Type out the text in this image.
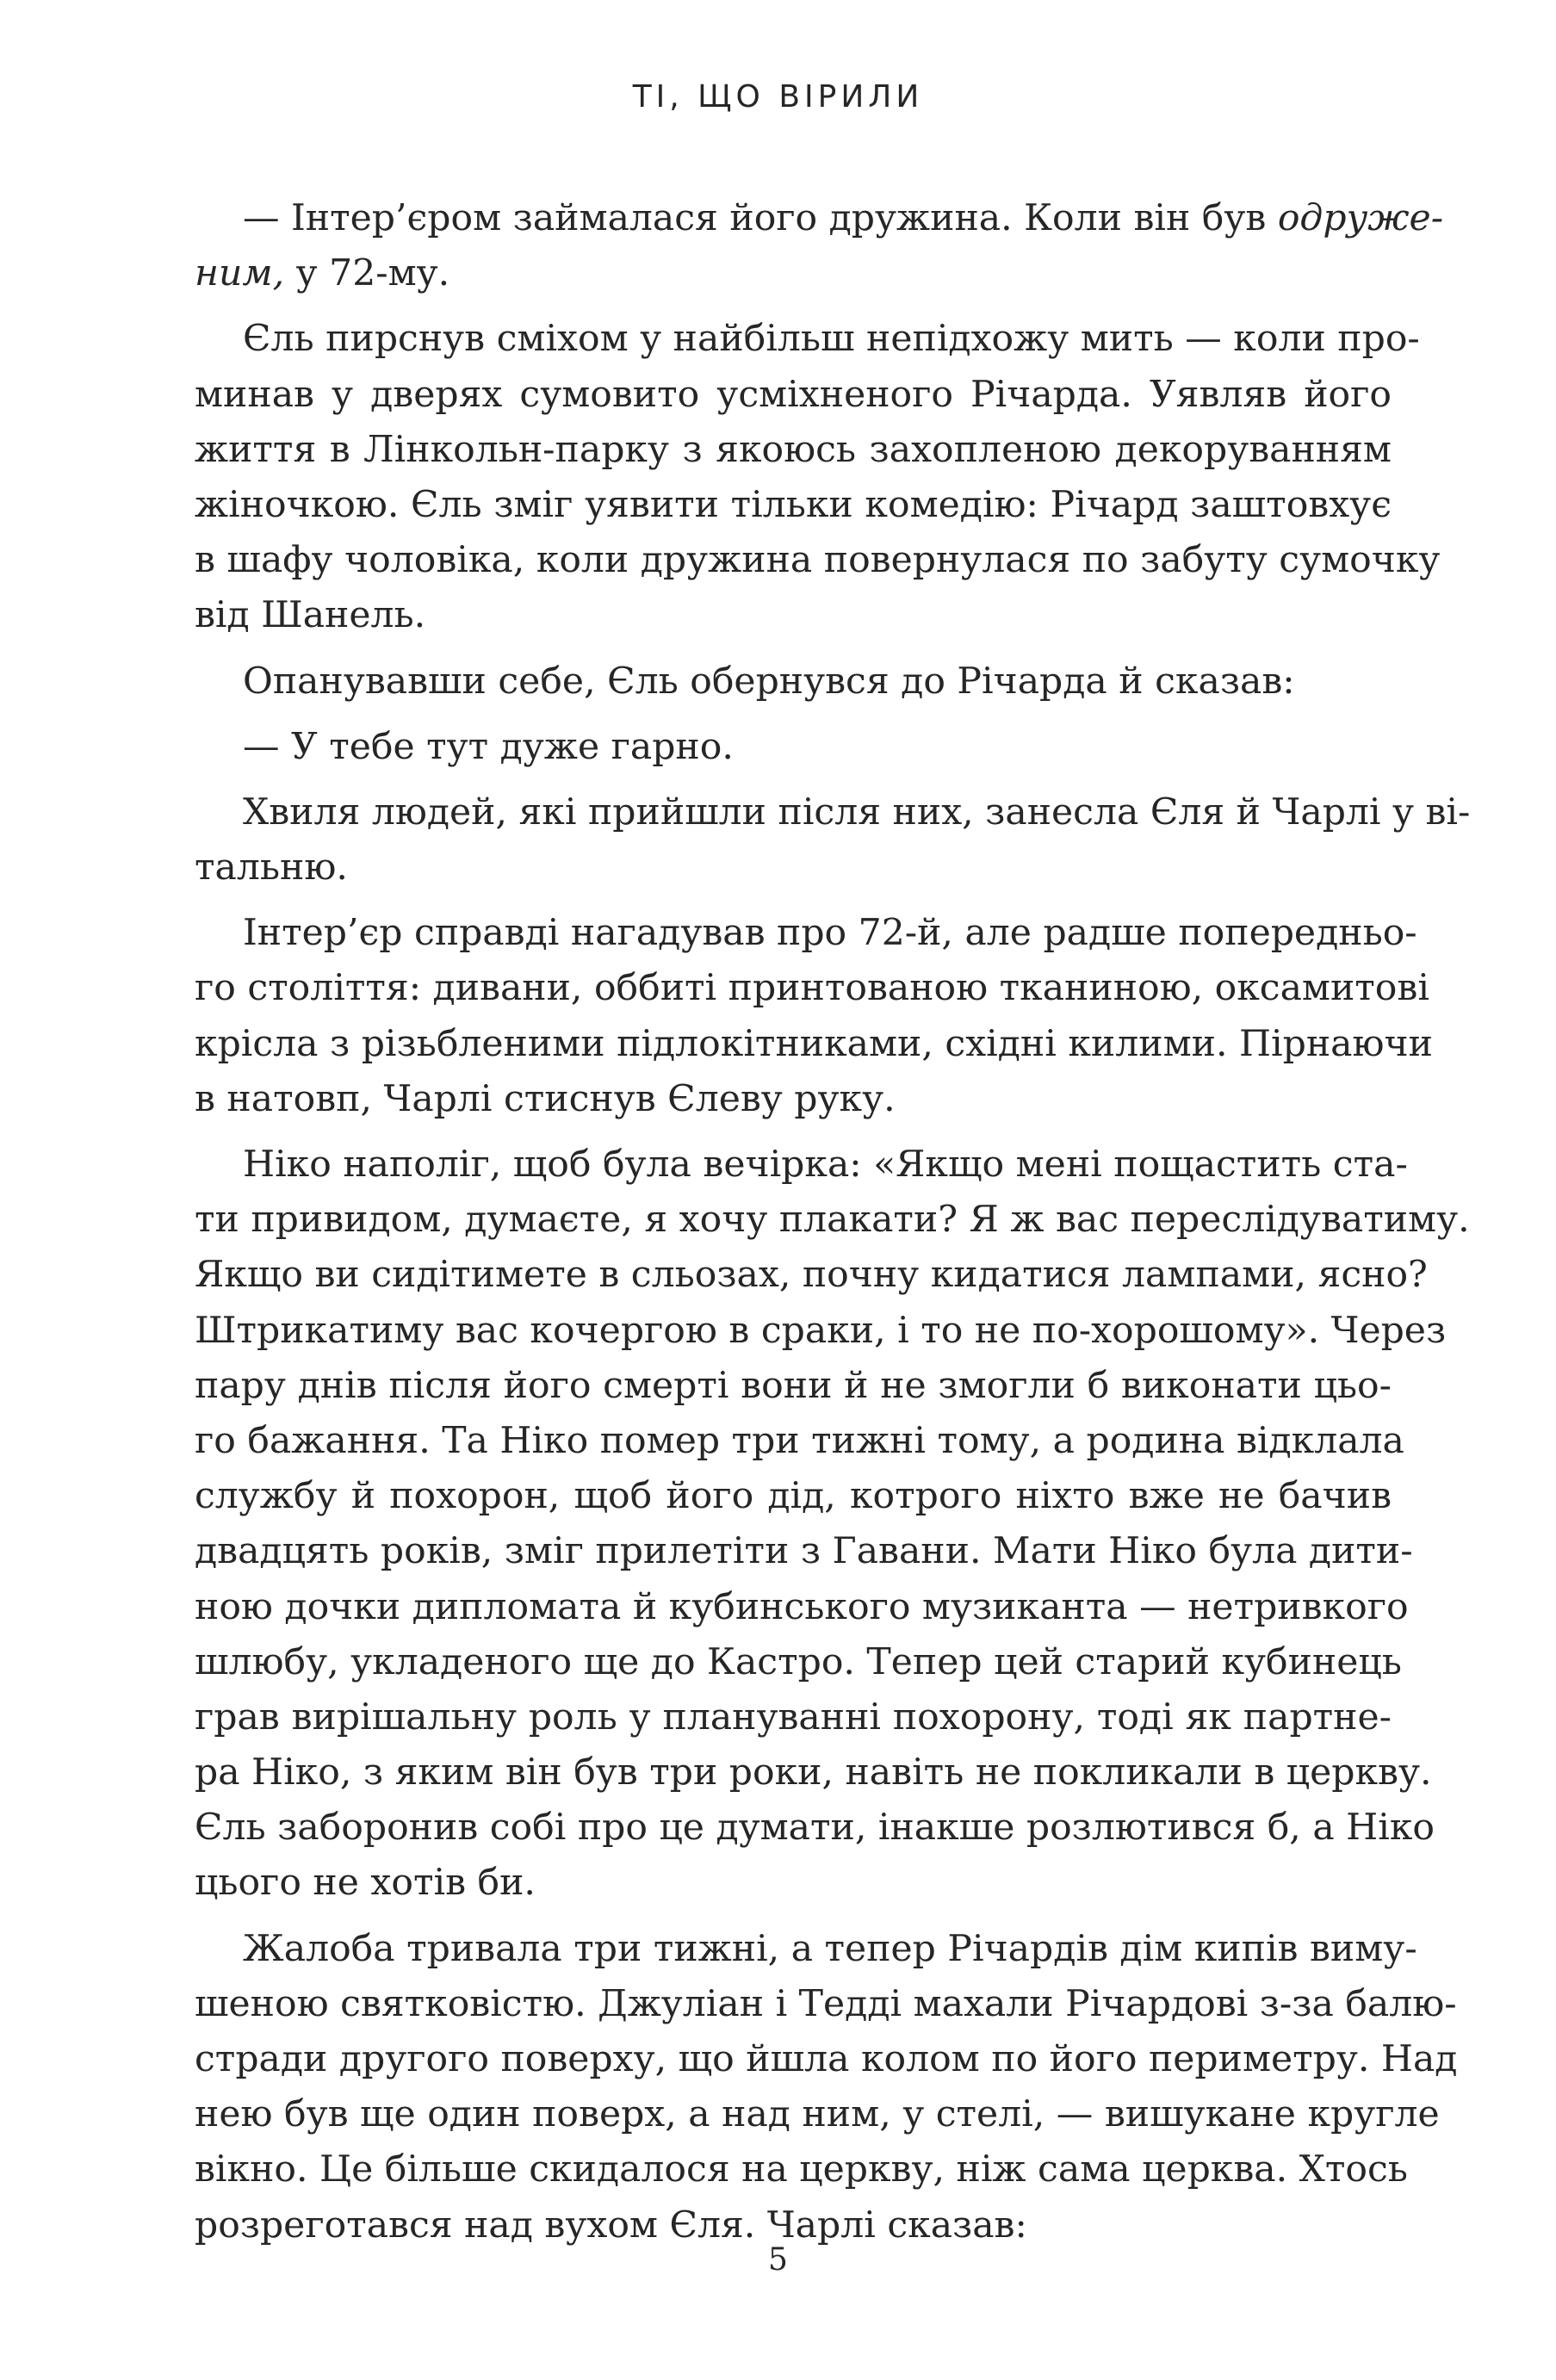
ТІ, ЩО ВІРИЛИ
— Інтер’єром займалася його дружина. Коли він був одруже-
ним, у 72-му.
Єль пирснув сміхом у найбільш непідхожу мить — коли про-
минав у дверях сумовито усміхненого Річарда. Уявляв його
життя в Лінкольн-парку з якоюсь захопленою декоруванням
жіночкою. Єль зміг уявити тільки комедію: Річард заштовхує
в шафу чоловіка, коли дружина повернулася по забуту сумочку
від Шанель.
Опанувавши себе, Єль обернувся до Річарда й сказав:
— У тебе тут дуже гарно.
Хвиля людей, які прийшли після них, занесла Єля й Чарлі у ві-
тальню.
Інтер’єр справді нагадував про 72-й, але радше попередньо-
го століття: дивани, оббиті принтованою тканиною, оксамитові
крісла з різьбленими підлокітниками, східні килими. Пірнаючи
в натовп, Чарлі стиснув Єлеву руку.
Ніко наполіг, щоб була вечірка: «Якщо мені пощастить ста-
ти привидом, думаєте, я хочу плакати? Я ж вас переслідуватиму.
Якщо ви сидітимете в сльозах, почну кидатися лампами, ясно?
Штрикатиму вас кочергою в сраки, і то не по-хорошому». Через
пару днів після його смерті вони й не змогли б виконати цьо-
го бажання. Та Ніко помер три тижні тому, а родина відклала
службу й похорон, щоб його дід, котрого ніхто вже не бачив
двадцять років, зміг прилетіти з Гавани. Мати Ніко була дити-
ною дочки дипломата й кубинського музиканта — нетривкого
шлюбу, укладеного ще до Кастро. Тепер цей старий кубинець
грав вирішальну роль у плануванні похорону, тоді як партне-
ра Ніко, з яким він був три роки, навіть не покликали в церкву.
Єль заборонив собі про це думати, інакше розлютився б, а Ніко
цього не хотів би.
Жалоба тривала три тижні, а тепер Річардів дім кипів виму-
шеною святковістю. Джуліан і Тедді махали Річардові з-за балю-
стради другого поверху, що йшла колом по його периметру. Над
нею був ще один поверх, а над ним, у стелі, — вишукане кругле
вікно. Це більше скидалося на церкву, ніж сама церква. Хтось
розреготався над вухом Єля. Чарлі сказав:
5
